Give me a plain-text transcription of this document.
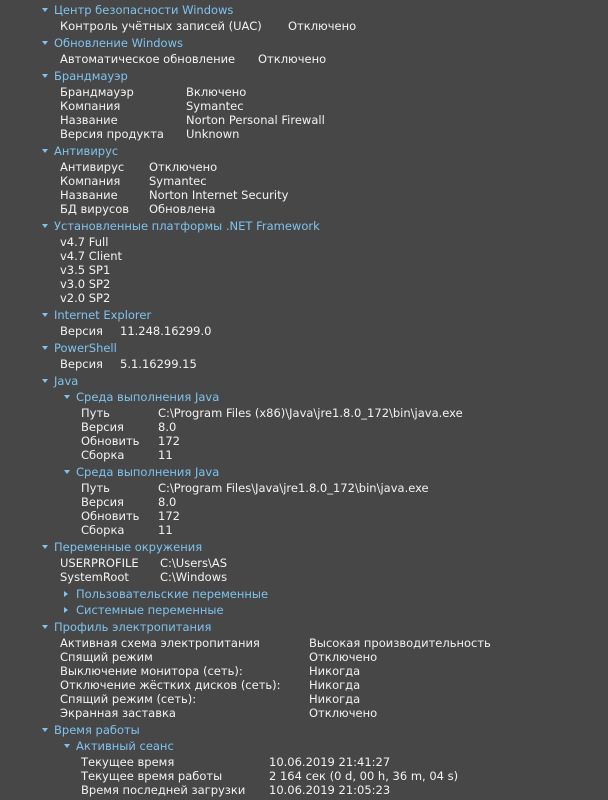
Центр безопасности Windows
Контроль учётных записей (UAC) Отключено
Обновление Windows
Автоматическое обновление Отключено
Брандмауэр
Брандмауэр	Включено
Компания	Symantec
Название	Norton Personal Firewall
Версия продукта Unknown
Антивирус
Антивирус Отключено
Компания Symantec
Название	Norton Internet Security
БД вирусов Обновлена
Установленные платформы .NET Framework
v4.7 Full
v4.7 Client
v3.5 SP1
v3.0 SP2
v2.0 SP2
Internet Explorer
Версия 11.248.16299.0
PowerShell
Версия 5.1.16299.15
Java
Среда выполнения Java
Путь	C:\Program Files (x86)\Java\jre1.8.0_172\bin\java.exe
Версия	8.0
Обновить 172
Сборка	11
Среда выполнения Java
Путь	C:\Program Files\Java\jre1.8.0_172\bin\java.exe
Версия	8.0
Обновить 172
Сборка	11
Переменные окружения
USERPROFILE C:\Users\AS
SystemRoot	C:\Windows
Пользовательские переменные
Системные переменные
Профиль электропитания
Активная схема электропитания	Высокая производительность
Спящий режим	Отключено
Выключение монитора (сеть):	Никогда
Отключение жёстких дисков (сеть): Никогда
Спящий режим (сеть):	Никогда
Экранная заставка	Отключено
Время работы
Активный сеанс
Текущее время	10.06.2019 21:41:27
Текущее время работы	2 164 сек (0 d, 00 h, 36 m, 04 s)
Время последней загрузки 10.06.2019 21:05:23
